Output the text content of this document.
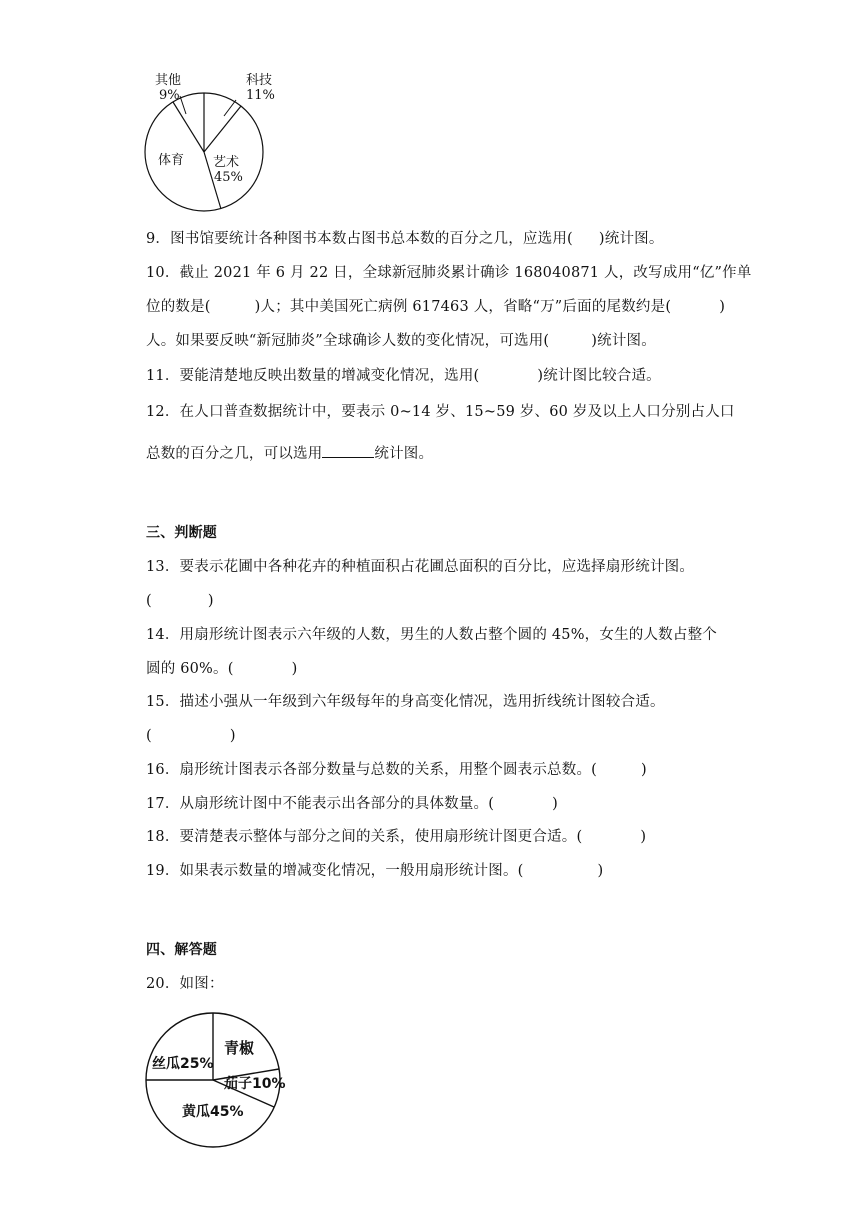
其他
9%
科技
11%
体育 艺术
45%
9．图书馆要统计各种图书本数占图书总本数的百分之几，应选用( )统计图。
10．截止 2021 年 6 月 22 日，全球新冠肺炎累计确诊 168040871 人，改写成用“亿”作单
位的数是(	)人；其中美国死亡病例 617463 人，省略“万”后面的尾数约是(	)
人。如果要反映“新冠肺炎”全球确诊人数的变化情况，可选用(	)统计图。
11．要能清楚地反映出数量的增减变化情况，选用(	)统计图比较合适。
12．在人口普查数据统计中，要表示 0~14 岁、15~59 岁、60 岁及以上人口分别占人口
总数的百分之几，可以选用	统计图。
三、判断题
13．要表示花圃中各种花卉的种植面积占花圃总面积的百分比，应选择扇形统计图。
(	)
14．用扇形统计图表示六年级的人数，男生的人数占整个圆的 45%，女生的人数占整个
圆的 60%。(	)
15．描述小强从一年级到六年级每年的身高变化情况，选用折线统计图较合适。
(	)
16．扇形统计图表示各部分数量与总数的关系，用整个圆表示总数。(	)
17．从扇形统计图中不能表示出各部分的具体数量。(	)
18．要清楚表示整体与部分之间的关系，使用扇形统计图更合适。(	)
19．如果表示数量的增减变化情况，一般用扇形统计图。(	)
四、解答题
20．如图：
丝瓜25%
青椒
茄子10%
黄瓜45%
